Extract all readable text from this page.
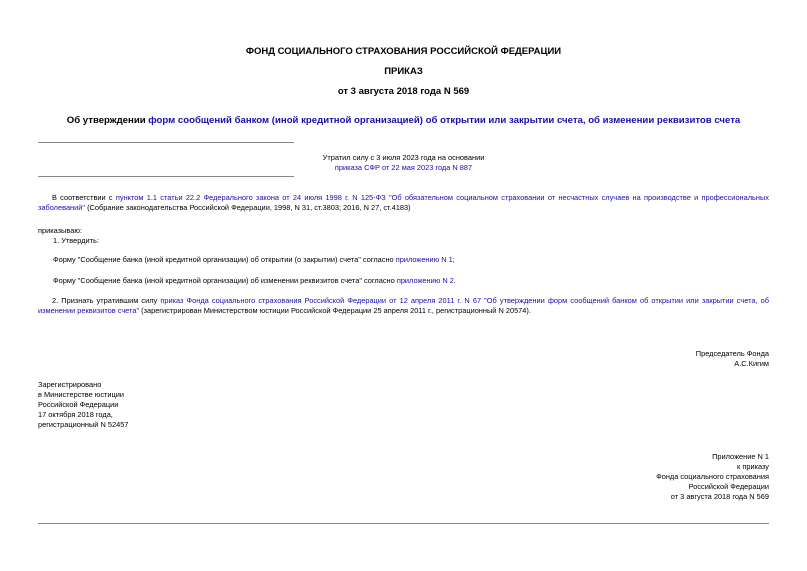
ФОНД СОЦИАЛЬНОГО СТРАХОВАНИЯ РОССИЙСКОЙ ФЕДЕРАЦИИ
ПРИКАЗ
от 3 августа 2018 года N 569
Об утверждении форм сообщений банком (иной кредитной организацией) об открытии или закрытии счета, об изменении реквизитов счета
Утратил силу с 3 июля 2023 года на основании
приказа СФР от 22 мая 2023 года N 887
В соответствии с пунктом 1.1 статьи 22.2 Федерального закона от 24 июля 1998 г. N 125-ФЗ "Об обязательном социальном страховании от несчастных случаев на производстве и профессиональных заболеваний" (Собрание законодательства Российской Федерации, 1998, N 31, ст.3803; 2016, N 27, ст.4183)
приказываю:
1. Утвердить:
Форму "Сообщение банка (иной кредитной организации) об открытии (о закрытии) счета" согласно приложению N 1;
Форму "Сообщение банка (иной кредитной организации) об изменении реквизитов счета" согласно приложению N 2.
2. Признать утратившим силу приказ Фонда социального страхования Российской Федерации от 12 апреля 2011 г. N 67 "Об утверждении форм сообщений банком об открытии или закрытии счета, об изменении реквизитов счета" (зарегистрирован Министерством юстиции Российской Федерации 25 апреля 2011 г., регистрационный N 20574).
Председатель Фонда
А.С.Кигим
Зарегистрировано
в Министерстве юстиции
Российской Федерации
17 октября 2018 года,
регистрационный N 52457
Приложение N 1
к приказу
Фонда социального страхования
Российской Федерации
от 3 августа 2018 года N 569
